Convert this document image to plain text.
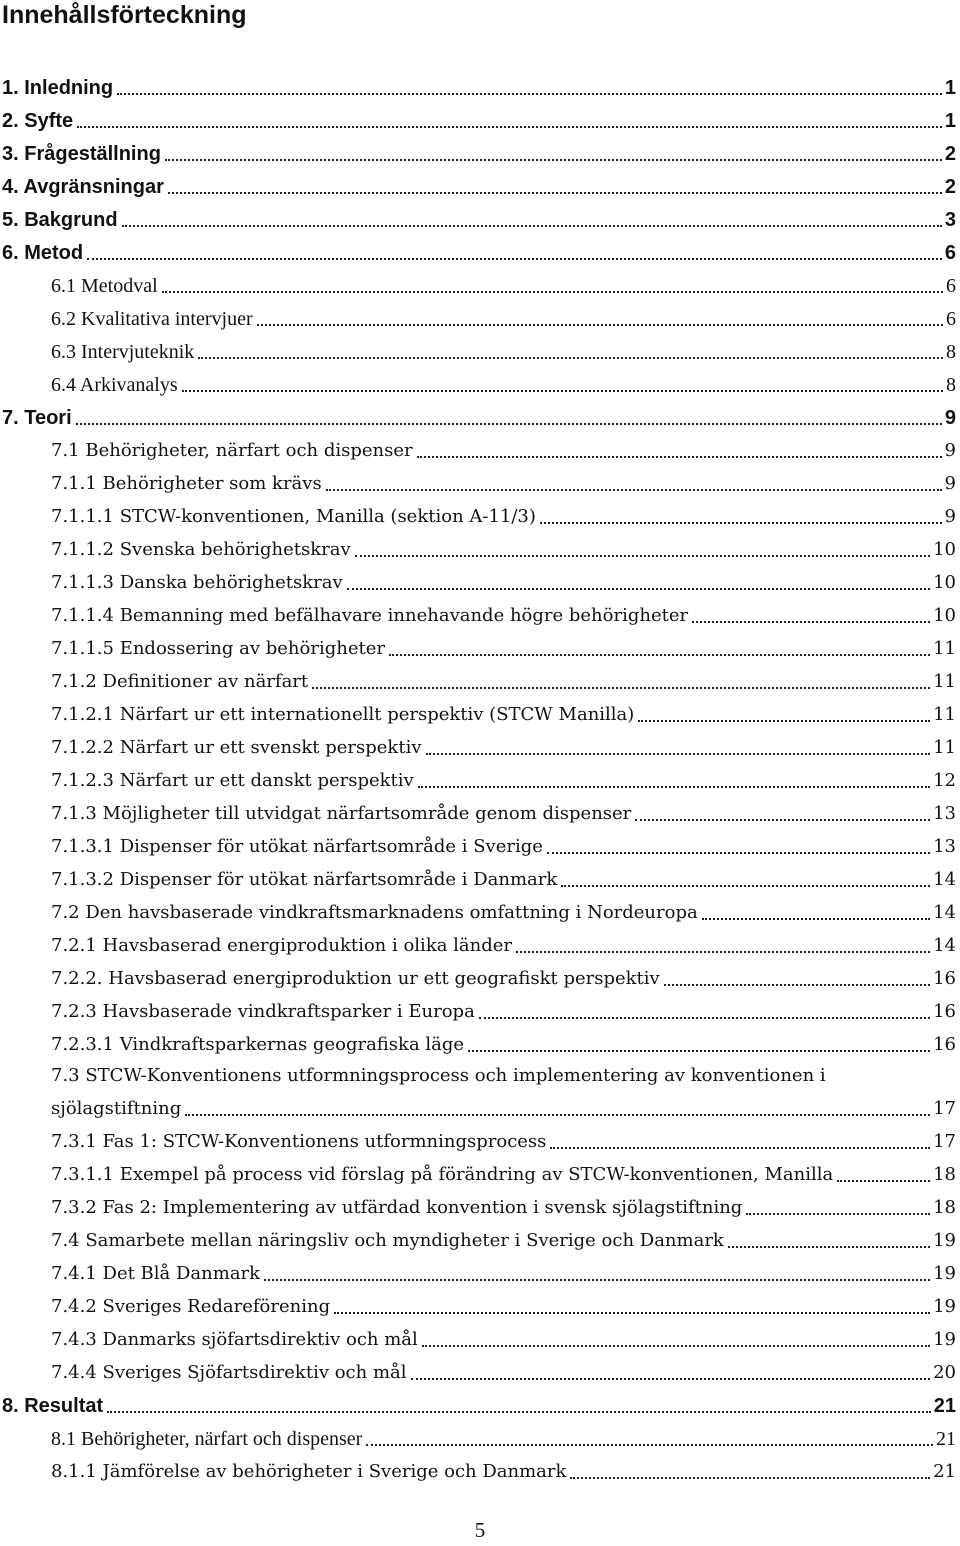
Innehållsförteckning
1. Inledning	1
2. Syfte	1
3. Frågeställning	2
4. Avgränsningar	2
5. Bakgrund	3
6. Metod	6
6.1 Metodval	6
6.2 Kvalitativa intervjuer	6
6.3 Intervjuteknik	8
6.4 Arkivanalys	8
7. Teori	9
7.1 Behörigheter, närfart och dispenser	9
7.1.1 Behörigheter som krävs	9
7.1.1.1 STCW-konventionen, Manilla (sektion A-11/3)	9
7.1.1.2 Svenska behörighetskrav	10
7.1.1.3 Danska behörighetskrav	10
7.1.1.4 Bemanning med befälhavare innehavande högre behörigheter	10
7.1.1.5 Endossering av behörigheter	11
7.1.2 Definitioner av närfart	11
7.1.2.1 Närfart ur ett internationellt perspektiv (STCW Manilla)	11
7.1.2.2 Närfart ur ett svenskt perspektiv	11
7.1.2.3 Närfart ur ett danskt perspektiv	12
7.1.3 Möjligheter till utvidgat närfartsområde genom dispenser	13
7.1.3.1 Dispenser för utökat närfartsområde i Sverige	13
7.1.3.2 Dispenser för utökat närfartsområde i Danmark	14
7.2 Den havsbaserade vindkraftsmarknadens omfattning i Nordeuropa	14
7.2.1 Havsbaserad energiproduktion i olika länder	14
7.2.2. Havsbaserad energiproduktion ur ett geografiskt perspektiv	16
7.2.3 Havsbaserade vindkraftsparker i Europa	16
7.2.3.1 Vindkraftsparkernas geografiska läge	16
7.3 STCW-Konventionens utformningsprocess och implementering av konventionen i
sjölagstiftning	17
7.3.1 Fas 1: STCW-Konventionens utformningsprocess	17
7.3.1.1 Exempel på process vid förslag på förändring av STCW-konventionen, Manilla	18
7.3.2 Fas 2: Implementering av utfärdad konvention i svensk sjölagstiftning	18
7.4 Samarbete mellan näringsliv och myndigheter i Sverige och Danmark	19
7.4.1 Det Blå Danmark	19
7.4.2 Sveriges Redareförening	19
7.4.3 Danmarks sjöfartsdirektiv och mål	19
7.4.4 Sveriges Sjöfartsdirektiv och mål	20
8. Resultat	21
8.1 Behörigheter, närfart och dispenser	21
8.1.1 Jämförelse av behörigheter i Sverige och Danmark	21
5
